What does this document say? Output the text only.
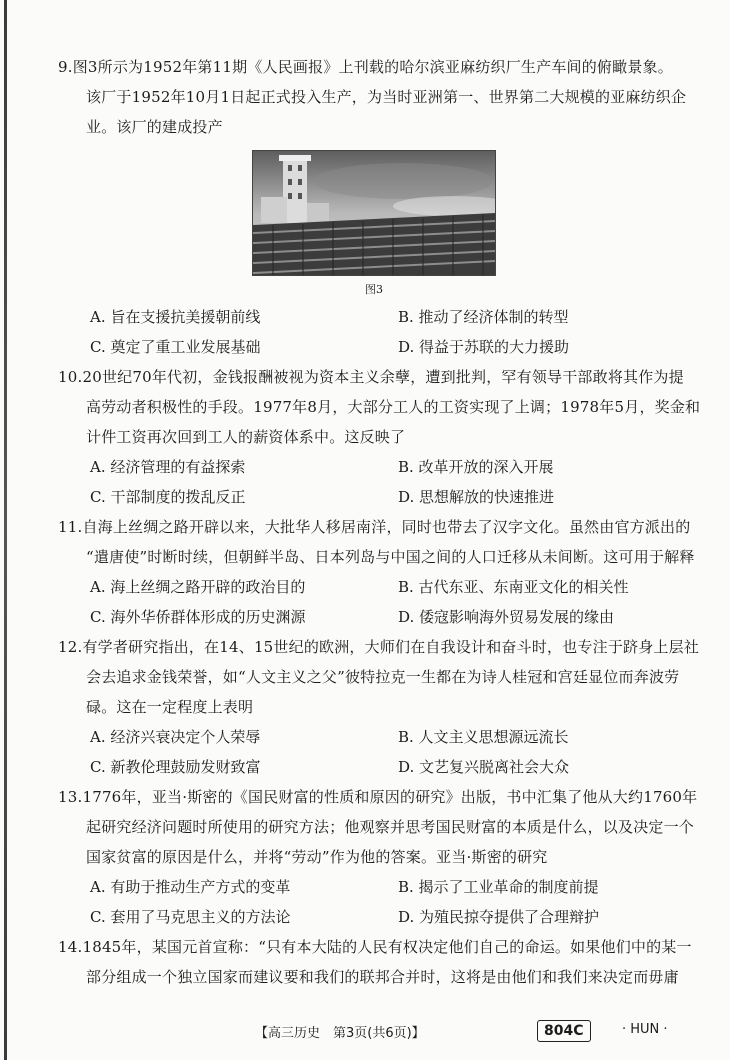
9.图3所示为1952年第11期《人民画报》上刊载的哈尔滨亚麻纺织厂生产车间的俯瞰景象。
该厂于1952年10月1日起正式投入生产，为当时亚洲第一、世界第二大规模的亚麻纺织企
业。该厂的建成投产
图3
A. 旨在支援抗美援朝前线	B. 推动了经济体制的转型
C. 奠定了重工业发展基础	D. 得益于苏联的大力援助
10.20世纪70年代初，金钱报酬被视为资本主义余孽，遭到批判，罕有领导干部敢将其作为提
高劳动者积极性的手段。1977年8月，大部分工人的工资实现了上调；1978年5月，奖金和
计件工资再次回到工人的薪资体系中。这反映了
A. 经济管理的有益探索	B. 改革开放的深入开展
C. 干部制度的拨乱反正	D. 思想解放的快速推进
11.自海上丝绸之路开辟以来，大批华人移居南洋，同时也带去了汉字文化。虽然由官方派出的
“遣唐使”时断时续，但朝鲜半岛、日本列岛与中国之间的人口迁移从未间断。这可用于解释
A. 海上丝绸之路开辟的政治目的	B. 古代东亚、东南亚文化的相关性
C. 海外华侨群体形成的历史渊源	D. 倭寇影响海外贸易发展的缘由
12.有学者研究指出，在14、15世纪的欧洲，大师们在自我设计和奋斗时，也专注于跻身上层社
会去追求金钱荣誉，如“人文主义之父”彼特拉克一生都在为诗人桂冠和宫廷显位而奔波劳
碌。这在一定程度上表明
A. 经济兴衰决定个人荣辱	B. 人文主义思想源远流长
C. 新教伦理鼓励发财致富	D. 文艺复兴脱离社会大众
13.1776年，亚当·斯密的《国民财富的性质和原因的研究》出版，书中汇集了他从大约1760年
起研究经济问题时所使用的研究方法；他观察并思考国民财富的本质是什么，以及决定一个
国家贫富的原因是什么，并将“劳动”作为他的答案。亚当·斯密的研究
A. 有助于推动生产方式的变革	B. 揭示了工业革命的制度前提
C. 套用了马克思主义的方法论	D. 为殖民掠夺提供了合理辩护
14.1845年，某国元首宣称：“只有本大陆的人民有权决定他们自己的命运。如果他们中的某一
部分组成一个独立国家而建议要和我们的联邦合并时，这将是由他们和我们来决定而毋庸
【高三历史　第3页(共6页)】	804C	· HUN ·
